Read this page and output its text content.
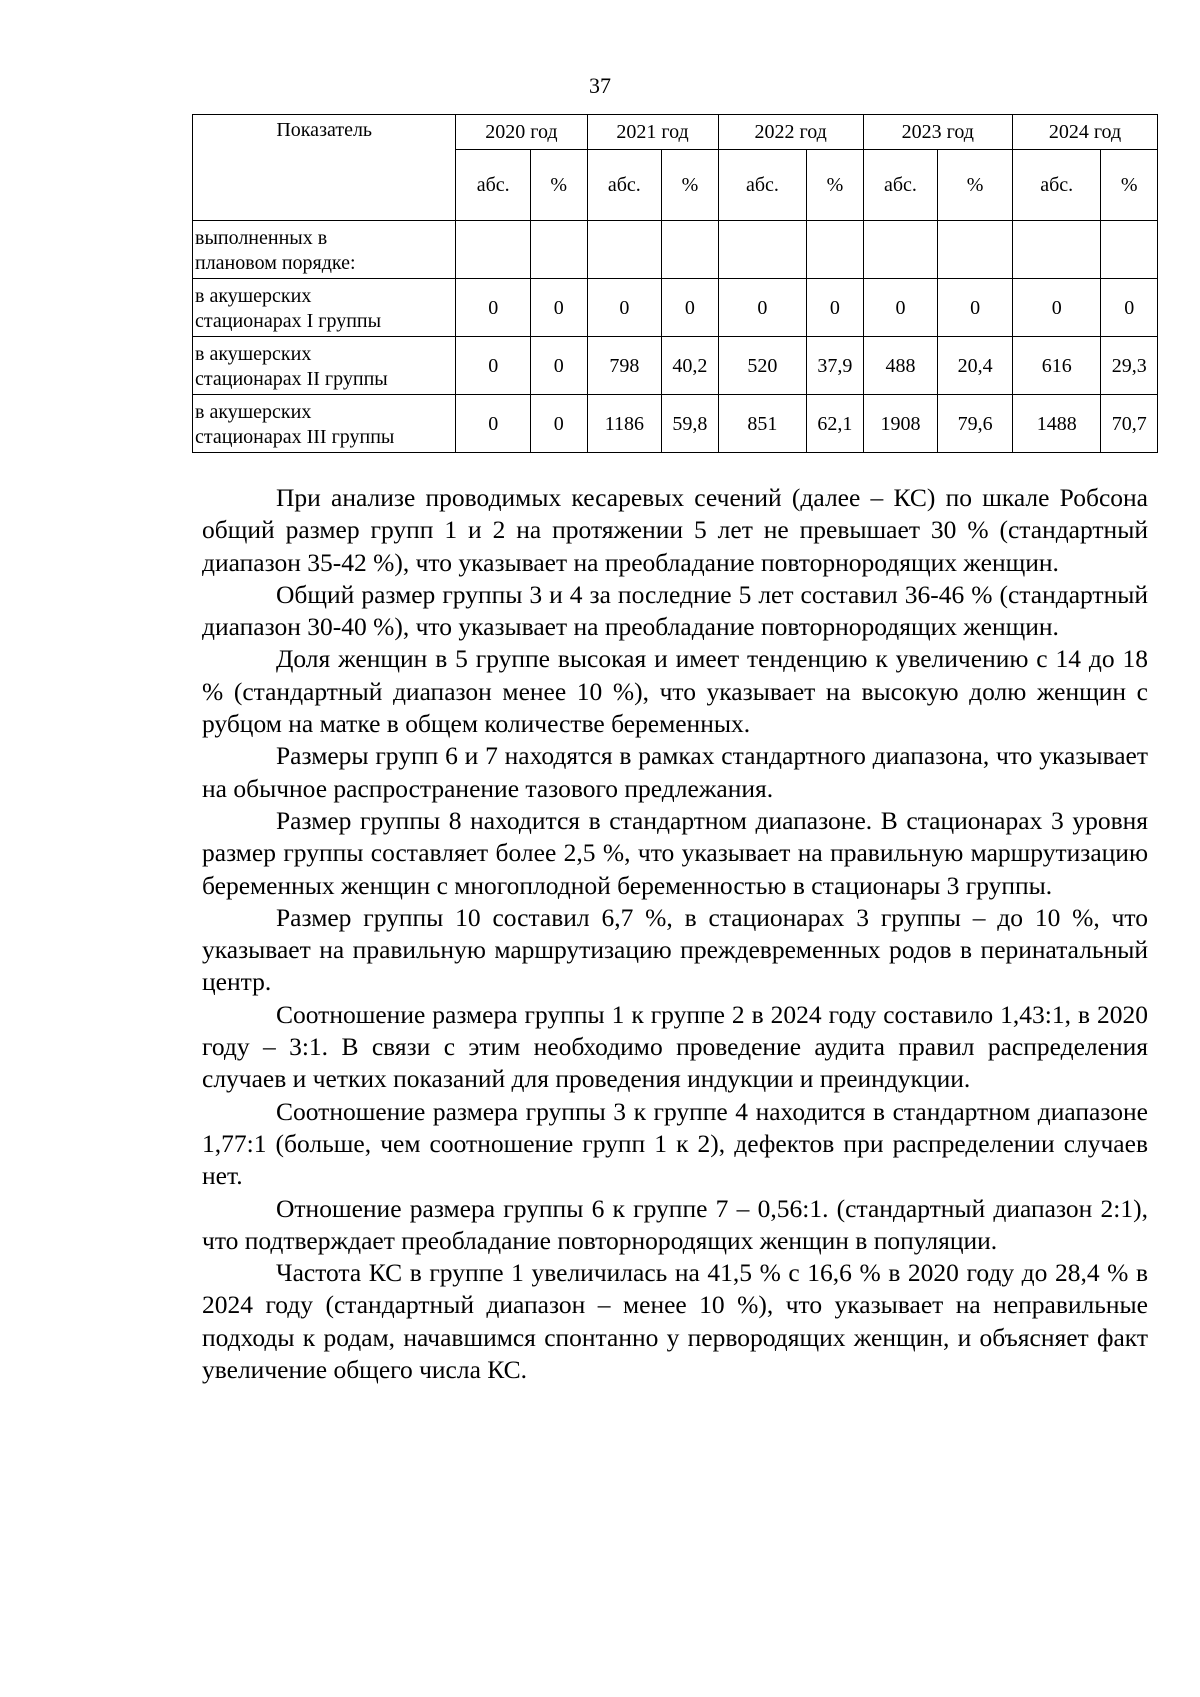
37
Показатель	2020 год		2021 год		2022 год		2023 год		2024 год	
	абс.	%	абс.	%	абс.	%	абс.	%	абс.	%
выполненных в
плановом порядке:										
в акушерских
стационарах I группы	0	0	0	0	0	0	0	0	0	0
в акушерских
стационарах II группы	0	0	798	40,2	520	37,9	488	20,4	616	29,3
в акушерских
стационарах III группы	0	0	1186	59,8	851	62,1	1908	79,6	1488	70,7

При анализе проводимых кесаревых сечений (далее – КС) по шкале Робсона общий размер групп 1 и 2 на протяжении 5 лет не превышает 30 % (стандартный диапазон 35-42 %), что указывает на преобладание повторнородящих женщин.

Общий размер группы 3 и 4 за последние 5 лет составил 36-46 % (стандартный диапазон 30-40 %), что указывает на преобладание повторнородящих женщин.

Доля женщин в 5 группе высокая и имеет тенденцию к увеличению с 14 до 18 % (стандартный диапазон менее 10 %), что указывает на высокую долю женщин с рубцом на матке в общем количестве беременных.

Размеры групп 6 и 7 находятся в рамках стандартного диапазона, что указывает на обычное распространение тазового предлежания.

Размер группы 8 находится в стандартном диапазоне. В стационарах 3 уровня размер группы составляет более 2,5 %, что указывает на правильную маршрутизацию беременных женщин с многоплодной беременностью в стационары 3 группы.

Размер группы 10 составил 6,7 %, в стационарах 3 группы – до 10 %, что указывает на правильную маршрутизацию преждевременных родов в перинатальный центр.

Соотношение размера группы 1 к группе 2 в 2024 году составило 1,43:1, в 2020 году – 3:1. В связи с этим необходимо проведение аудита правил распределения случаев и четких показаний для проведения индукции и преиндукции.

Соотношение размера группы 3 к группе 4 находится в стандартном диапазоне 1,77:1 (больше, чем соотношение групп 1 к 2), дефектов при распределении случаев нет.

Отношение размера группы 6 к группе 7 – 0,56:1. (стандартный диапазон 2:1), что подтверждает преобладание повторнородящих женщин в популяции.

Частота КС в группе 1 увеличилась на 41,5 % с 16,6 % в 2020 году до 28,4 % в 2024 году (стандартный диапазон – менее 10 %), что указывает на неправильные подходы к родам, начавшимся спонтанно у первородящих женщин, и объясняет факт увеличение общего числа КС.
